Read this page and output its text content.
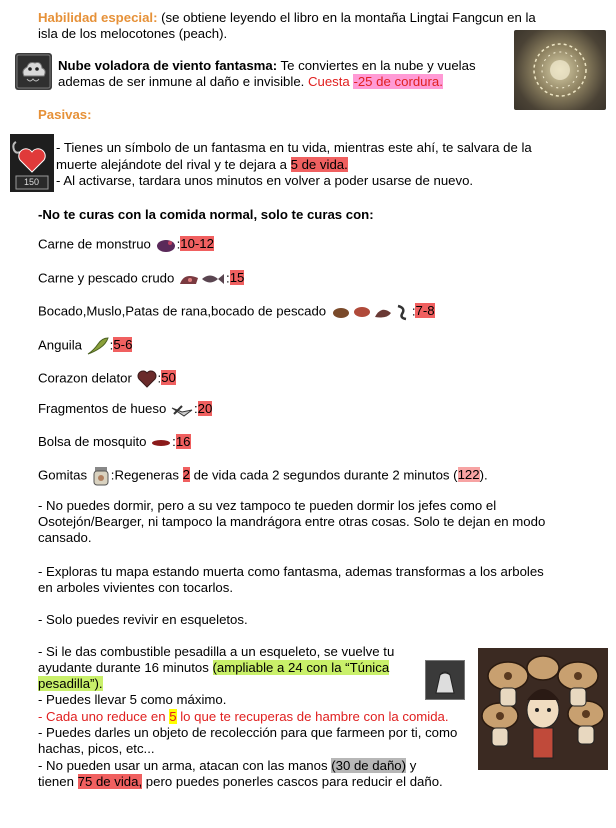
Habilidad especial: (se obtiene leyendo el libro en la montaña Lingtai Fangcun en la isla de los melocotones (peach).
Nube voladora de viento fantasma: Te conviertes en la nube y vuelas ademas de ser inmune al daño e invisible. Cuesta -25 de cordura.
Pasivas:
150
- Tienes un símbolo de un fantasma en tu vida, mientras este ahí, te salvara de la muerte alejándote del rival y te dejara a 5 de vida.
- Al activarse, tardara unos minutos en volver a poder usarse de nuevo.
-No te curas con la comida normal, solo te curas con:
Carne de monstruo :10-12
Carne y pescado crudo	:15
Bocado,Muslo,Patas de rana,bocado de pescado	:7-8
Anguila :5-6
Corazon delator :50
Fragmentos de hueso :20
Bolsa de mosquito :16
Gomitas :Regeneras 2 de vida cada 2 segundos durante 2 minutos (122).
- No puedes dormir, pero a su vez tampoco te pueden dormir los jefes como el Osotejón/Bearger, ni tampoco la mandrágora entre otras cosas. Solo te dejan en modo cansado.
- Exploras tu mapa estando muerta como fantasma, ademas transformas a los arboles en arboles vivientes con tocarlos.
- Solo puedes revivir en esqueletos.
- Si le das combustible pesadilla a un esqueleto, se vuelve tu ayudante durante 16 minutos (ampliable a 24 con la “Túnica pesadilla”).
- Puedes llevar 5 como máximo.
- Cada uno reduce en 5 lo que te recuperas de hambre con la comida.
- Puedes darles un objeto de recolección para que farmeen por ti, como hachas, picos, etc...
- No pueden usar un arma, atacan con las manos (30 de daño) y tienen 75 de vida, pero puedes ponerles cascos para reducir el daño.
